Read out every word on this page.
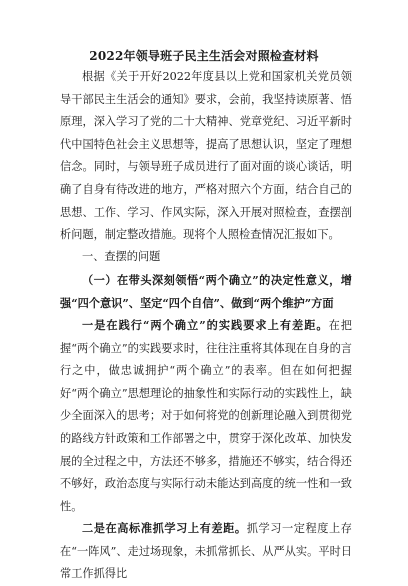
2022年领导班子民主生活会对照检查材料

根据《关于开好2022年度县以上党和国家机关党员领导干部民主生活会的通知》要求，会前，我坚持读原著、悟原理，深入学习了党的二十大精神、党章党纪、习近平新时代中国特色社会主义思想等，提高了思想认识，坚定了理想信念。同时，与领导班子成员进行了面对面的谈心谈话，明确了自身有待改进的地方，严格对照六个方面，结合自己的思想、工作、学习、作风实际，深入开展对照检查，查摆剖析问题，制定整改措施。现将个人照检查情况汇报如下。

一、查摆的问题

（一）在带头深刻领悟“两个确立”的决定性意义，增强“四个意识”、坚定“四个自信”、做到“两个维护”方面

一是在践行“两个确立”的实践要求上有差距。在把握“两个确立”的实践要求时，往往注重将其体现在自身的言行之中，做忠诚拥护“两个确立”的表率。但在如何把握好“两个确立”思想理论的抽象性和实际行动的实践性上，缺少全面深入的思考；对于如何将党的创新理论融入到贯彻党的路线方针政策和工作部署之中，贯穿于深化改革、加快发展的全过程之中，方法还不够多，措施还不够实，结合得还不够好，政治态度与实际行动未能达到高度的统一性和一致性。

二是在高标准抓学习上有差距。抓学习一定程度上存在“一阵风”、走过场现象，未抓常抓长、从严从实。平时日常工作抓得比
